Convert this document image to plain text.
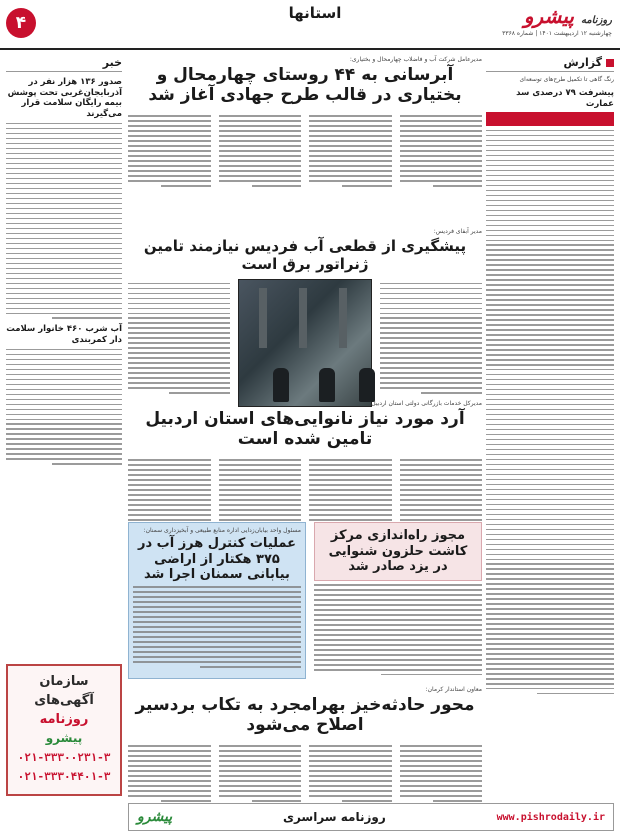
۴	استانها	روزنامه پیشرو
چهارشنبه ۱۲ اردیبهشت ۱۴۰۱ | شماره ۳۳۶۸
گزارش
رنگ گاهی تا تکمیل طرح‌های توسعه‌ای
پیشرفت ۷۹ درصدی سد عمارت
خبر
صدور ۱۳۶ هزار نفر در آذربایجان‌غربی تحت پوشش بیمه رایگان سلامت قرار می‌گیرند
آب شرب ۴۶۰ خانوار سلامت دار کمربندی
سازمان
آگهی‌های
روزنامه
پیشرو
۰۲۱-۳۳۳۰۰۲۳۱-۳
۰۲۱-۳۳۳۰۴۴۰۱-۳
مدیرعامل شرکت آب و فاضلاب چهارمحال و بختیاری:
آبرسانی به ۴۴ روستای چهارمحال و بختیاری در قالب طرح جهادی آغاز شد
مدیر آبفای فردیس:
پیشگیری از قطعی آب فردیس نیازمند تامین ژنراتور برق است
مدیرکل خدمات بازرگانی دولتی استان اردبیل:
آرد مورد نیاز نانوایی‌های استان اردبیل تامین شده است
مجوز راه‌اندازی مرکز کاشت حلزون شنوایی در یزد صادر شد
مسئول واحد بیابان‌زدایی اداره منابع طبیعی و آبخیزداری سمنان:
عملیات کنترل هرز آب در ۳۷۵ هکتار از اراضی بیابانی سمنان اجرا شد
معاون استاندار کرمان:
محور حادثه‌خیز بهرامجرد به تکاب بردسیر اصلاح می‌شود
www.pishrodaily.ir
روزنامه سراسری
پیشرو
